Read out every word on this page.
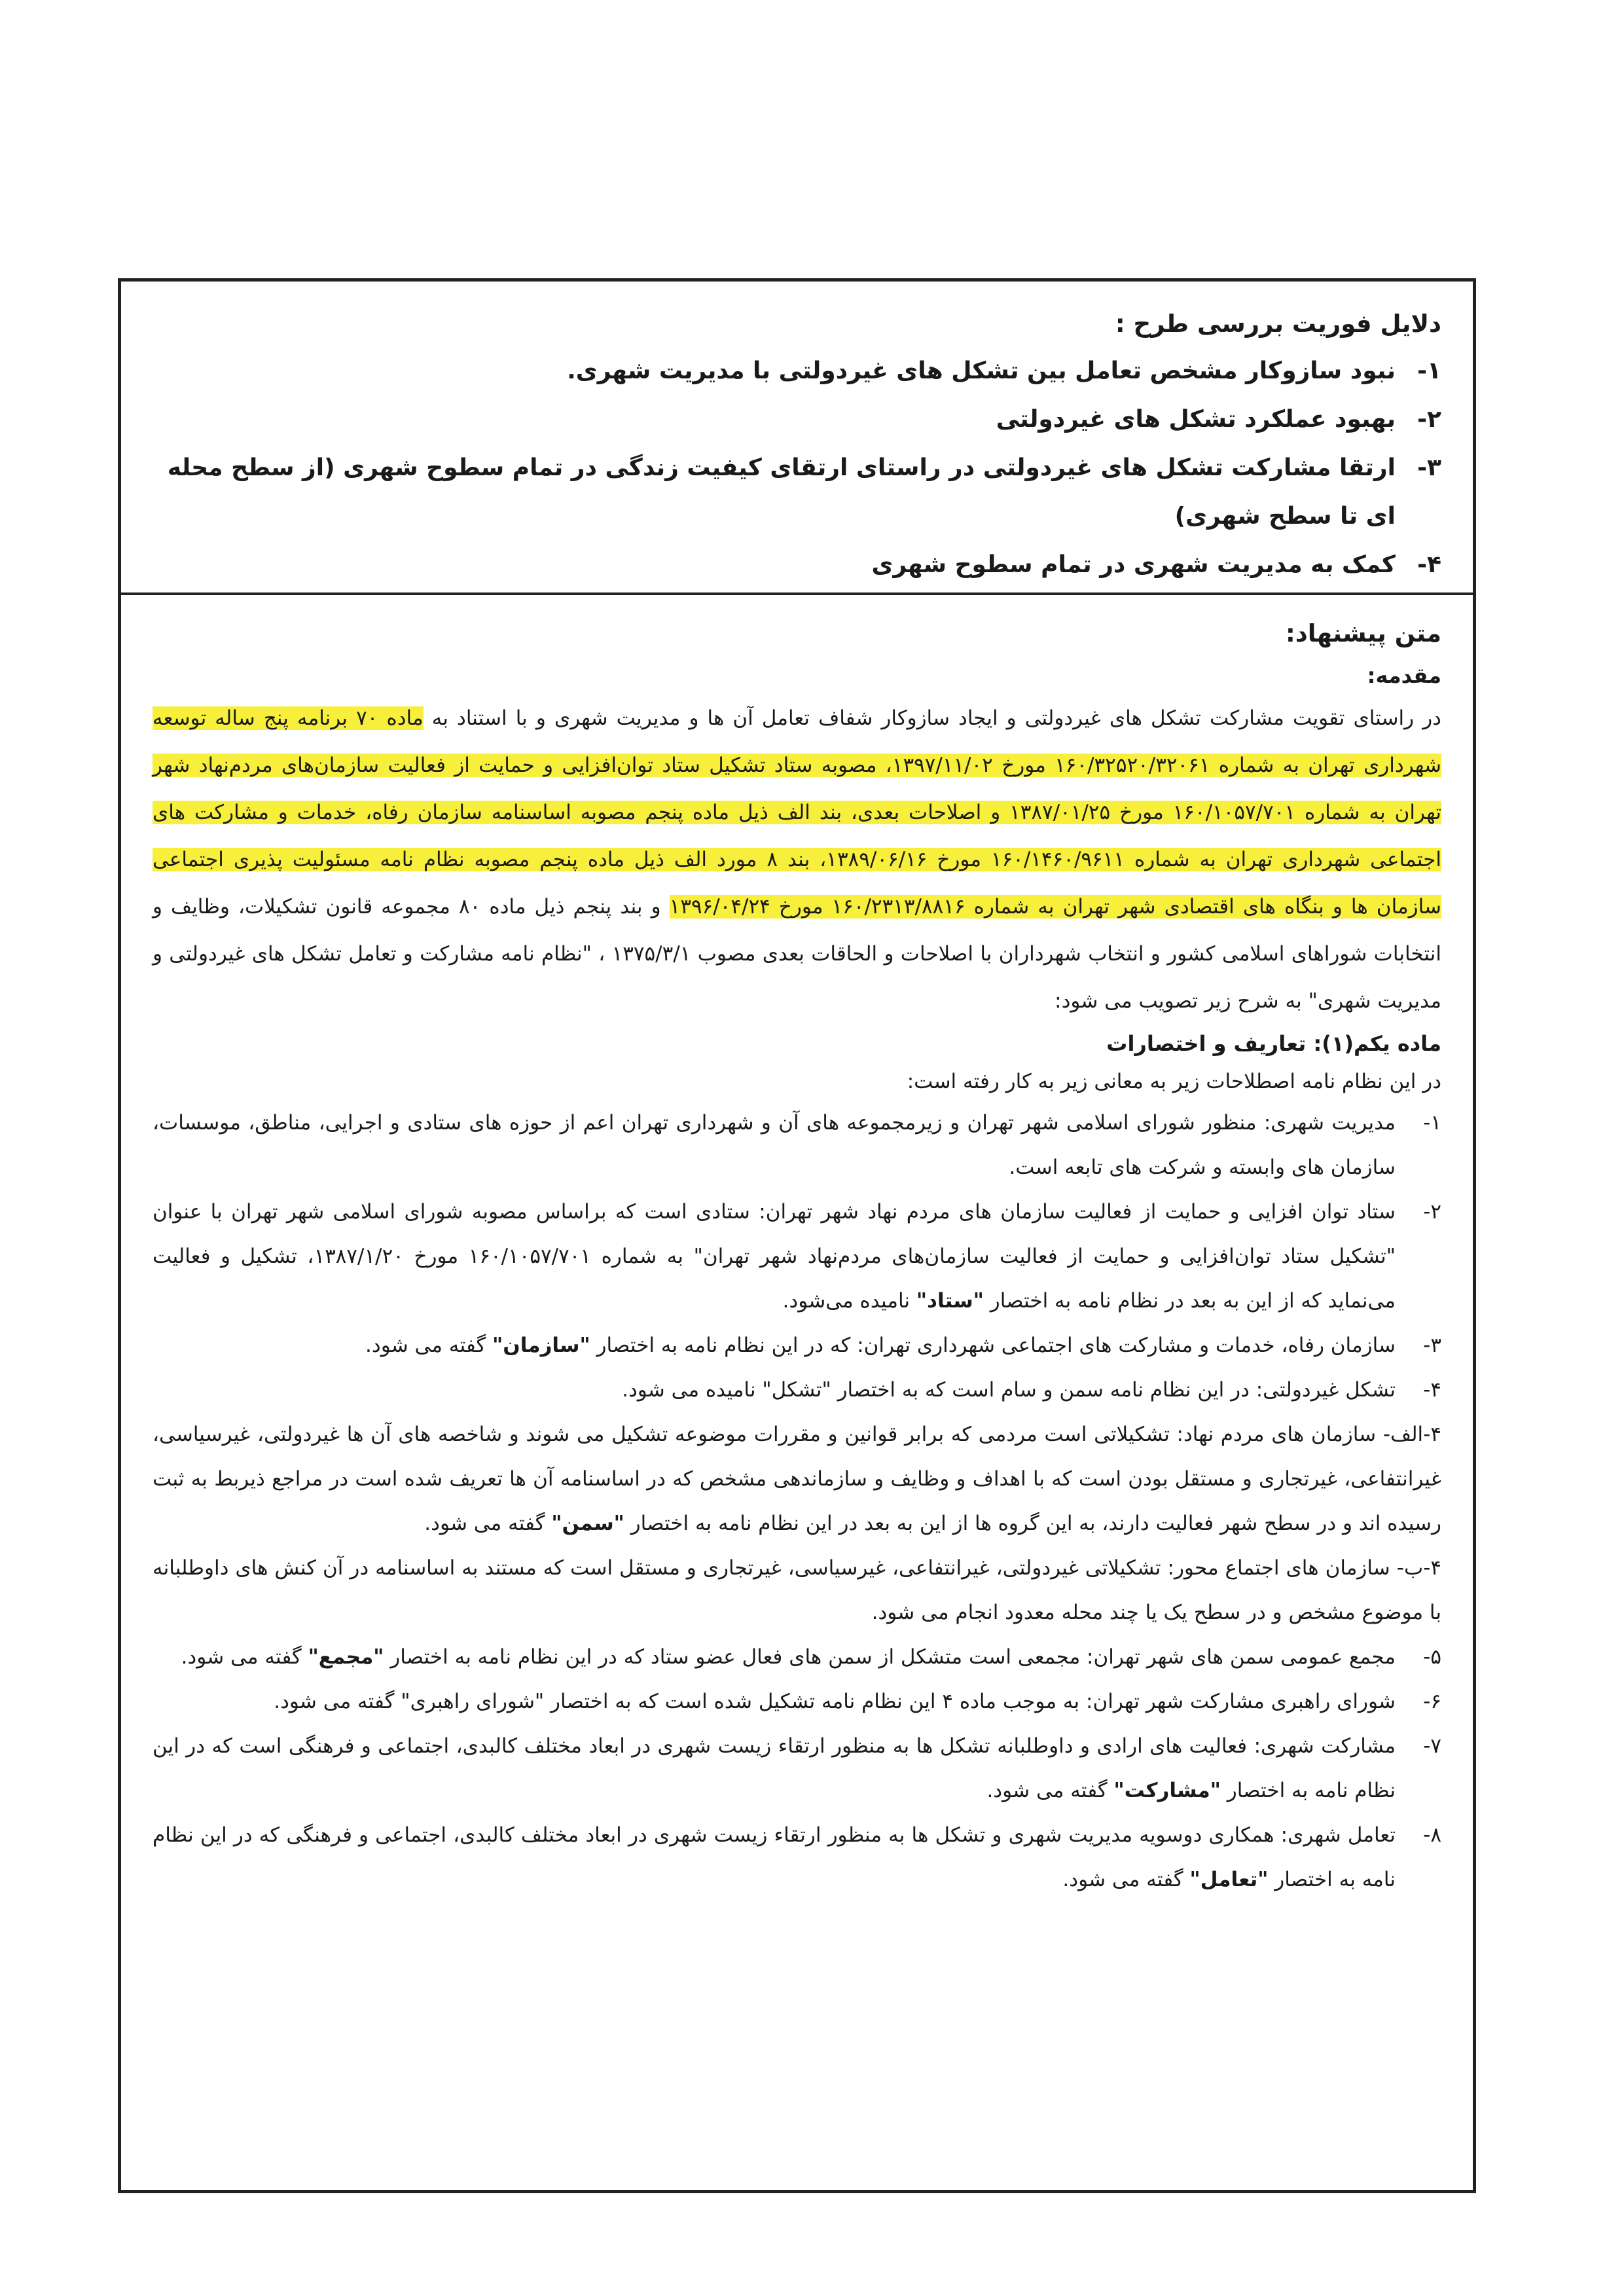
دلایل فوریت بررسی طرح :
۱-
نبود سازوکار مشخص تعامل بین تشکل های غیردولتی با مدیریت شهری.
۲-
بهبود عملکرد تشکل های غیردولتی
۳-
ارتقا مشارکت تشکل های غیردولتی در راستای ارتقای کیفیت زندگی در تمام سطوح شهری (از سطح محله ای تا سطح شهری)
۴-
کمک به مدیریت شهری در تمام سطوح شهری
متن پیشنهاد:
مقدمه:
در راستای تقویت مشارکت تشکل های غیردولتی و ایجاد سازوکار شفاف تعامل آن ها و مدیریت شهری و با استناد به ماده ۷۰ برنامه پنج ساله توسعه شهرداری تهران به شماره ۱۶۰/۳۲۵۲۰/۳۲۰۶۱ مورخ ۱۳۹۷/۱۱/۰۲، مصوبه ستاد تشکیل ستاد توان‌افزایی و حمایت از فعالیت سازمان‌های مردم‌نهاد شهر تهران به شماره ۱۶۰/۱۰۵۷/۷۰۱ مورخ ۱۳۸۷/۰۱/۲۵ و اصلاحات بعدی، بند الف ذیل ماده پنجم مصوبه اساسنامه سازمان رفاه، خدمات و مشارکت های اجتماعی شهرداری تهران به شماره ۱۶۰/۱۴۶۰/۹۶۱۱ مورخ ۱۳۸۹/۰۶/۱۶، بند ۸ مورد الف ذیل ماده پنجم مصوبه نظام نامه مسئولیت پذیری اجتماعی سازمان ها و بنگاه های اقتصادی شهر تهران به شماره ۱۶۰/۲۳۱۳/۸۸۱۶ مورخ ۱۳۹۶/۰۴/۲۴ و بند پنجم ذیل ماده ۸۰ مجموعه قانون تشکیلات، وظایف و انتخابات شوراهای اسلامی کشور و انتخاب شهرداران با اصلاحات و الحاقات بعدی مصوب ۱۳۷۵/۳/۱ ، "نظام نامه مشارکت و تعامل تشکل های غیردولتی و مدیریت شهری" به شرح زیر تصویب می شود:
ماده یکم(۱): تعاریف و اختصارات
در این نظام نامه اصطلاحات زیر به معانی زیر به کار رفته است:
۱-
مدیریت شهری: منظور شورای اسلامی شهر تهران و زیرمجموعه های آن و شهرداری تهران اعم از حوزه های ستادی و اجرایی، مناطق، موسسات، سازمان های وابسته و شرکت های تابعه است.
۲-
ستاد توان افزایی و حمایت از فعالیت سازمان های مردم نهاد شهر تهران: ستادی است که براساس مصوبه شورای اسلامی شهر تهران با عنوان "تشکیل ستاد توان‌افزایی و حمایت از فعالیت سازمان‌های مردم‌نهاد شهر تهران" به شماره ۱۶۰/۱۰۵۷/۷۰۱ مورخ ۱۳۸۷/۱/۲۰، تشکیل و فعالیت می‌نماید که از این به بعد در نظام نامه به اختصار "ستاد" نامیده می‌شود.
۳-
سازمان رفاه، خدمات و مشارکت های اجتماعی شهرداری تهران: که در این نظام نامه به اختصار "سازمان" گفته می شود.
۴-
تشکل غیردولتی: در این نظام نامه سمن و سام است که به اختصار "تشکل" نامیده می شود.
۴-الف- سازمان های مردم نهاد: تشکیلاتی است مردمی که برابر قوانین و مقررات موضوعه تشکیل می شوند و شاخصه های آن ها غیردولتی، غیرسیاسی، غیرانتفاعی، غیرتجاری و مستقل بودن است که با اهداف و وظایف و سازماندهی مشخص که در اساسنامه آن ها تعریف شده است در مراجع ذیربط به ثبت رسیده اند و در سطح شهر فعالیت دارند، به این گروه ها از این به بعد در این نظام نامه به اختصار "سمن" گفته می شود.
۴-ب- سازمان های اجتماع محور: تشکیلاتی غیردولتی، غیرانتفاعی، غیرسیاسی، غیرتجاری و مستقل است که مستند به اساسنامه در آن کنش های داوطلبانه با موضوع مشخص و در سطح یک یا چند محله معدود انجام می شود.
۵-
مجمع عمومی سمن های شهر تهران: مجمعی است متشکل از سمن های فعال عضو ستاد که در این نظام نامه به اختصار "مجمع" گفته می شود.
۶-
شورای راهبری مشارکت شهر تهران: به موجب ماده ۴ این نظام نامه تشکیل شده است که به اختصار "شورای راهبری" گفته می شود.
۷-
مشارکت شهری: فعالیت های ارادی و داوطلبانه تشکل ها به منظور ارتقاء زیست شهری در ابعاد مختلف کالبدی، اجتماعی و فرهنگی است که در این نظام نامه به اختصار "مشارکت" گفته می شود.
۸-
تعامل شهری: همکاری دوسویه مدیریت شهری و تشکل ها به منظور ارتقاء زیست شهری در ابعاد مختلف کالبدی، اجتماعی و فرهنگی که در این نظام نامه به اختصار "تعامل" گفته می شود.
